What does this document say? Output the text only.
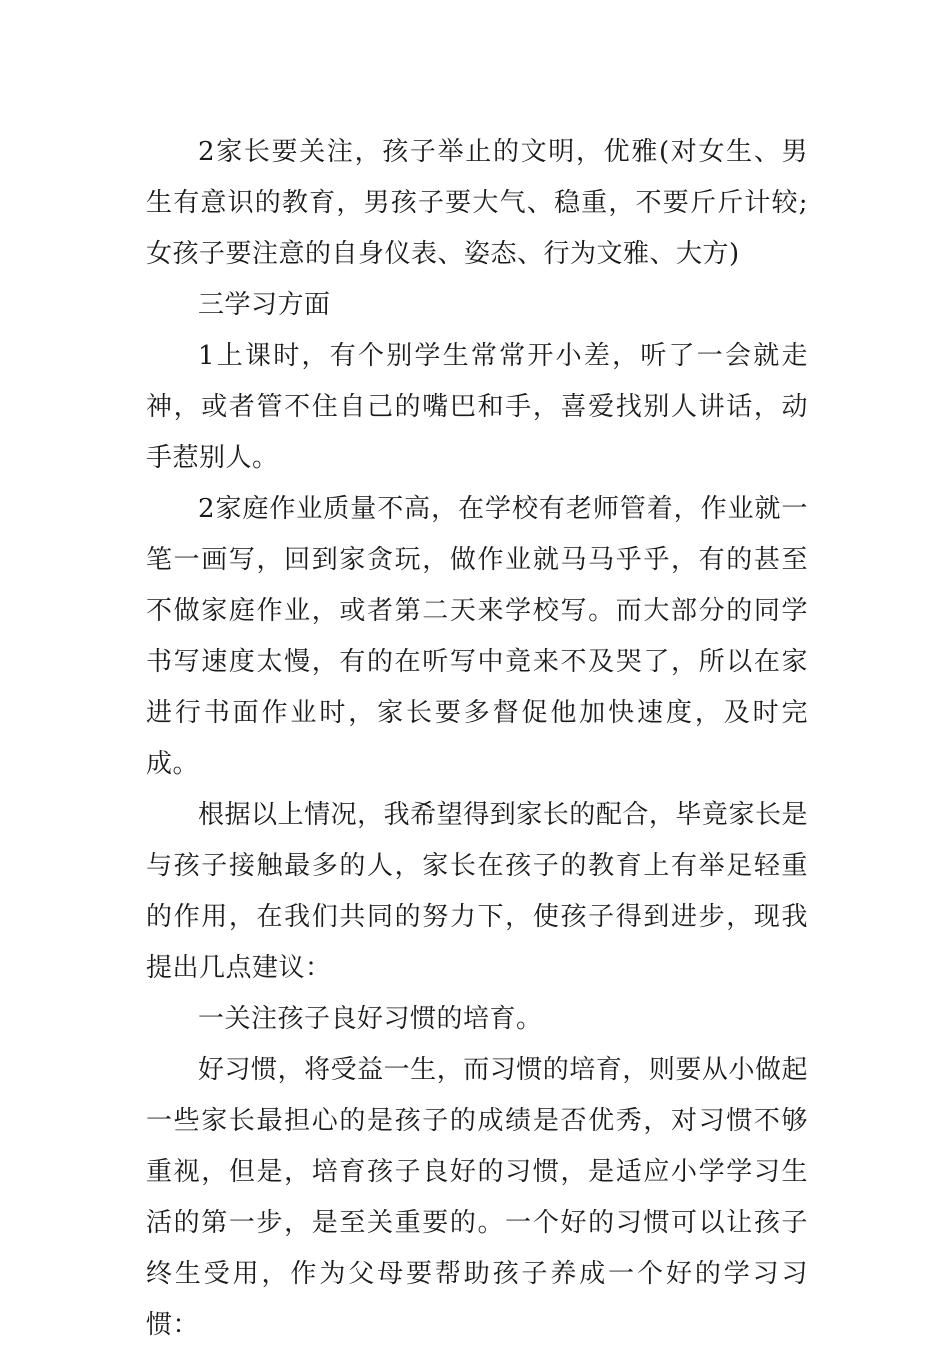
2家长要关注，孩子举止的文明，优雅(对女生、男生有意识的教育，男孩子要大气、稳重，不要斤斤计较;女孩子要注意的自身仪表、姿态、行为文雅、大方)

三学习方面

1上课时，有个别学生常常开小差，听了一会就走神，或者管不住自己的嘴巴和手，喜爱找别人讲话，动手惹别人。

2家庭作业质量不高，在学校有老师管着，作业就一笔一画写，回到家贪玩，做作业就马马乎乎，有的甚至不做家庭作业，或者第二天来学校写。而大部分的同学书写速度太慢，有的在听写中竟来不及哭了，所以在家进行书面作业时，家长要多督促他加快速度，及时完成。

根据以上情况，我希望得到家长的配合，毕竟家长是与孩子接触最多的人，家长在孩子的教育上有举足轻重的作用，在我们共同的努力下，使孩子得到进步，现我提出几点建议：

一关注孩子良好习惯的培育。

好习惯，将受益一生，而习惯的培育，则要从小做起一些家长最担心的是孩子的成绩是否优秀，对习惯不够重视，但是，培育孩子良好的习惯，是适应小学学习生活的第一步，是至关重要的。一个好的习惯可以让孩子终生受用，作为父母要帮助孩子养成一个好的学习习惯：
